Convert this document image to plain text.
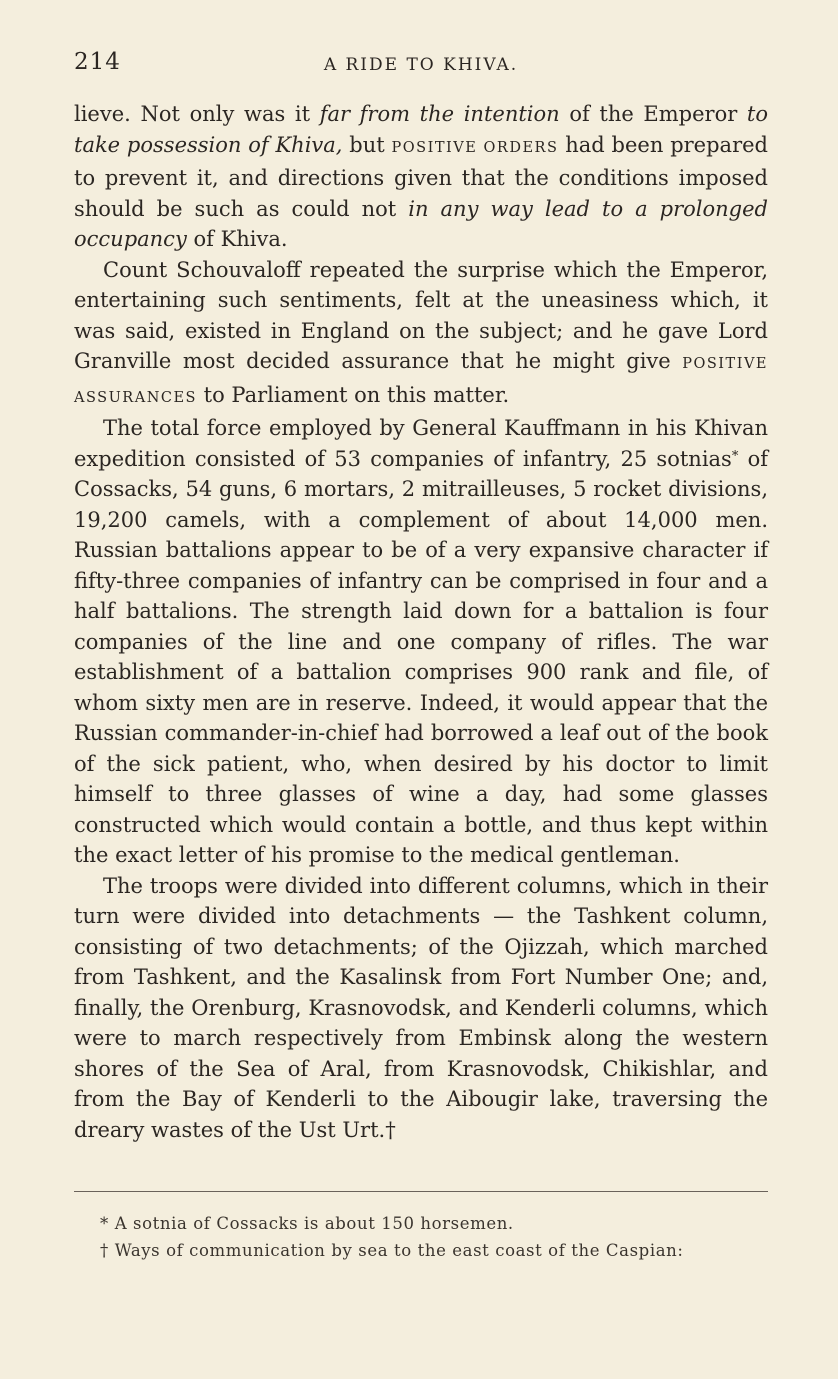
214	A RIDE TO KHIVA.

lieve. Not only was it far from the intention of the Emperor to take possession of Khiva, but POSITIVE ORDERS had been prepared to prevent it, and directions given that the conditions imposed should be such as could not in any way lead to a prolonged occupancy of Khiva.

Count Schouvaloff repeated the surprise which the Emperor, entertaining such sentiments, felt at the uneasiness which, it was said, existed in England on the subject; and he gave Lord Granville most decided assurance that he might give POSITIVE ASSURANCES to Parliament on this matter.

The total force employed by General Kauffmann in his Khivan expedition consisted of 53 companies of infantry, 25 sotnias* of Cossacks, 54 guns, 6 mortars, 2 mitrailleuses, 5 rocket divisions, 19,200 camels, with a complement of about 14,000 men. Russian battalions appear to be of a very expansive character if fifty-three companies of infantry can be comprised in four and a half battalions. The strength laid down for a battalion is four companies of the line and one company of rifles. The war establishment of a battalion comprises 900 rank and file, of whom sixty men are in reserve. Indeed, it would appear that the Russian commander-in-chief had borrowed a leaf out of the book of the sick patient, who, when desired by his doctor to limit himself to three glasses of wine a day, had some glasses constructed which would contain a bottle, and thus kept within the exact letter of his promise to the medical gentleman.

The troops were divided into different columns, which in their turn were divided into detachments — the Tashkent column, consisting of two detachments; of the Ojizzah, which marched from Tashkent, and the Kasalinsk from Fort Number One; and, finally, the Orenburg, Krasnovodsk, and Kenderli columns, which were to march respectively from Embinsk along the western shores of the Sea of Aral, from Krasnovodsk, Chikishlar, and from the Bay of Kenderli to the Aibougir lake, traversing the dreary wastes of the Ust Urt.†

* A sotnia of Cossacks is about 150 horsemen.

† Ways of communication by sea to the east coast of the Caspian:
